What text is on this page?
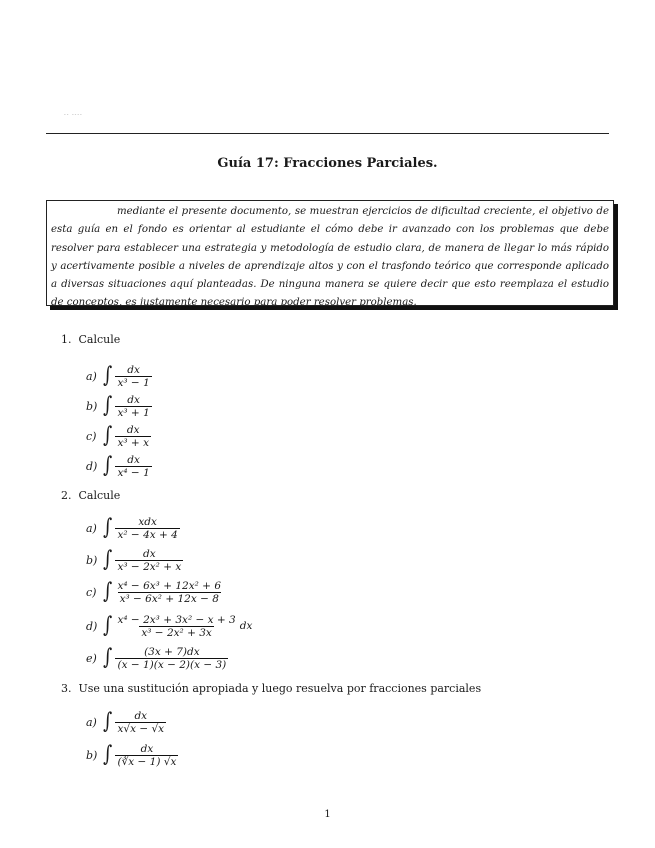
-- ----
Guía 17: Fracciones Parciales.
mediante el presente documento, se muestran ejercicios de dificultad creciente, el objetivo de esta guía en el fondo es orientar al estudiante el cómo debe ir avanzado con los problemas que debe resolver para establecer una estrategia y metodología de estudio clara, de manera de llegar lo más rápido y acertivamente posible a niveles de aprendizaje altos y con el trasfondo teórico que corresponde aplicado a diversas situaciones aquí planteadas. De ninguna manera se quiere decir que esto reemplaza el estudio de conceptos, es justamente necesario para poder resolver problemas.
1. Calcule
a) ∫ $\frac{dx}{\text{x³ − 1}}$
b) ∫ $\frac{dx}{\text{x³ + 1}}$
c) ∫ $\frac{dx}{\text{x³ + x}}$
d) ∫ $\frac{dx}{\text{x⁴ − 1}}$
2. Calcule
a) ∫ $\frac{\text{xdx}}{\text{x² − 4x + 4}}$
b) ∫ $\frac{dx}{\text{x³ − 2x² + x}}$
c) ∫ $\frac{\text{x⁴ − 6x³ + 12x² + 6}}{\text{x³ − 6x² + 12x − 8}}$
d) ∫ $\frac{\text{x⁴ − 2x³ + 3x² − x + 3}}{\text{x³ − 2x² + 3x}}$ dx
e) ∫ $\frac{(3x + 7)dx}{(x - 1)(x - 2)(x - 3)}$
3. Use una sustitución apropiada y luego resuelva por fracciones parciales
a) ∫ $\frac{dx}{x√x - √x}$
b) ∫ $\frac{dx}{(∛x - 1) √x}$
1
